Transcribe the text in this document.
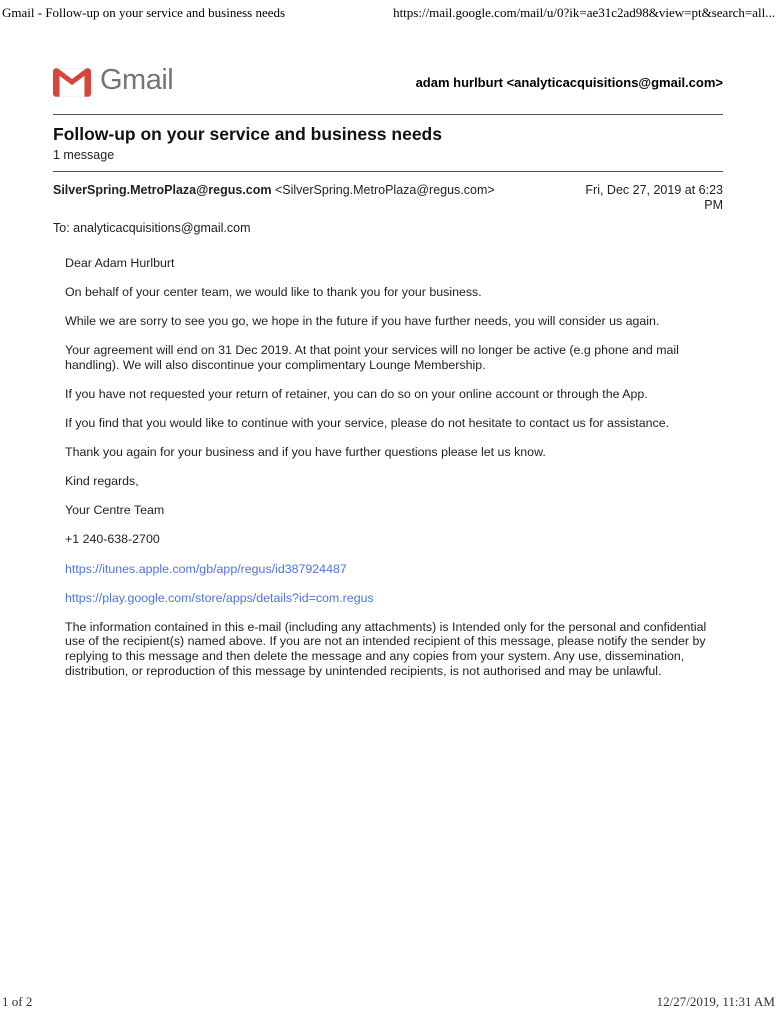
Gmail - Follow-up on your service and business needs	https://mail.google.com/mail/u/0?ik=ae31c2ad98&view=pt&search=all...
Gmail	adam hurlburt <analyticacquisitions@gmail.com>
Follow-up on your service and business needs
1 message
SilverSpring.MetroPlaza@regus.com <SilverSpring.MetroPlaza@regus.com>	Fri, Dec 27, 2019 at 6:23 PM
To: analyticacquisitions@gmail.com

Dear Adam Hurlburt

On behalf of your center team, we would like to thank you for your business.

While we are sorry to see you go, we hope in the future if you have further needs, you will consider us again.

Your agreement will end on 31 Dec 2019. At that point your services will no longer be active (e.g phone and mail handling). We will also discontinue your complimentary Lounge Membership.

If you have not requested your return of retainer, you can do so on your online account or through the App.

If you find that you would like to continue with your service, please do not hesitate to contact us for assistance.

Thank you again for your business and if you have further questions please let us know.

Kind regards,

Your Centre Team

+1 240-638-2700

https://itunes.apple.com/gb/app/regus/id387924487

https://play.google.com/store/apps/details?id=com.regus

The information contained in this e-mail (including any attachments) is Intended only for the personal and confidential use of the recipient(s) named above. If you are not an intended recipient of this message, please notify the sender by replying to this message and then delete the message and any copies from your system. Any use, dissemination, distribution, or reproduction of this message by unintended recipients, is not authorised and may be unlawful.

1 of 2	12/27/2019, 11:31 AM
